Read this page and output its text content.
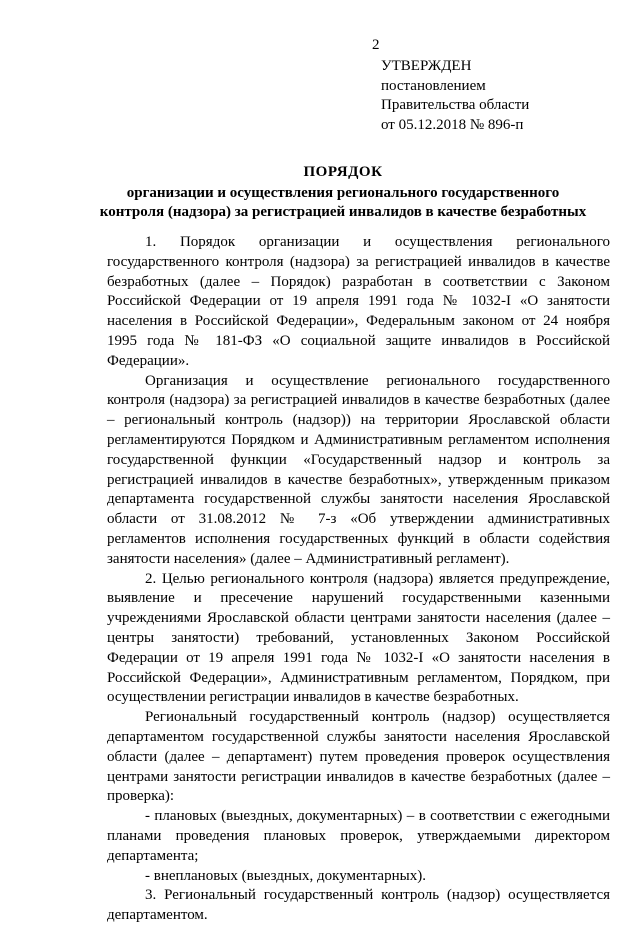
2
УТВЕРЖДЕН
постановлением
Правительства области
от 05.12.2018 № 896-п
ПОРЯДОК
организации и осуществления регионального государственного
контроля (надзора) за регистрацией инвалидов в качестве безработных

1. Порядок организации и осуществления регионального государственного контроля (надзора) за регистрацией инвалидов в качестве безработных (далее – Порядок) разработан в соответствии с Законом Российской Федерации от 19 апреля 1991 года № 1032-I «О занятости населения в Российской Федерации», Федеральным законом от 24 ноября 1995 года № 181-ФЗ «О социальной защите инвалидов в Российской Федерации».

Организация и осуществление регионального государственного контроля (надзора) за регистрацией инвалидов в качестве безработных (далее – региональный контроль (надзор)) на территории Ярославской области регламентируются Порядком и Административным регламентом исполнения государственной функции «Государственный надзор и контроль за регистрацией инвалидов в качестве безработных», утвержденным приказом департамента государственной службы занятости населения Ярославской области от 31.08.2012 № 7-з «Об утверждении административных регламентов исполнения государственных функций в области содействия занятости населения» (далее – Административный регламент).

2. Целью регионального контроля (надзора) является предупреждение, выявление и пресечение нарушений государственными казенными учреждениями Ярославской области центрами занятости населения (далее – центры занятости) требований, установленных Законом Российской Федерации от 19 апреля 1991 года № 1032-I «О занятости населения в Российской Федерации», Административным регламентом, Порядком, при осуществлении регистрации инвалидов в качестве безработных.

Региональный государственный контроль (надзор) осуществляется департаментом государственной службы занятости населения Ярославской области (далее – департамент) путем проведения проверок осуществления центрами занятости регистрации инвалидов в качестве безработных (далее – проверка):

- плановых (выездных, документарных) – в соответствии с ежегодными планами проведения плановых проверок, утверждаемыми директором департамента;

- внеплановых (выездных, документарных).

3. Региональный государственный контроль (надзор) осуществляется департаментом.
